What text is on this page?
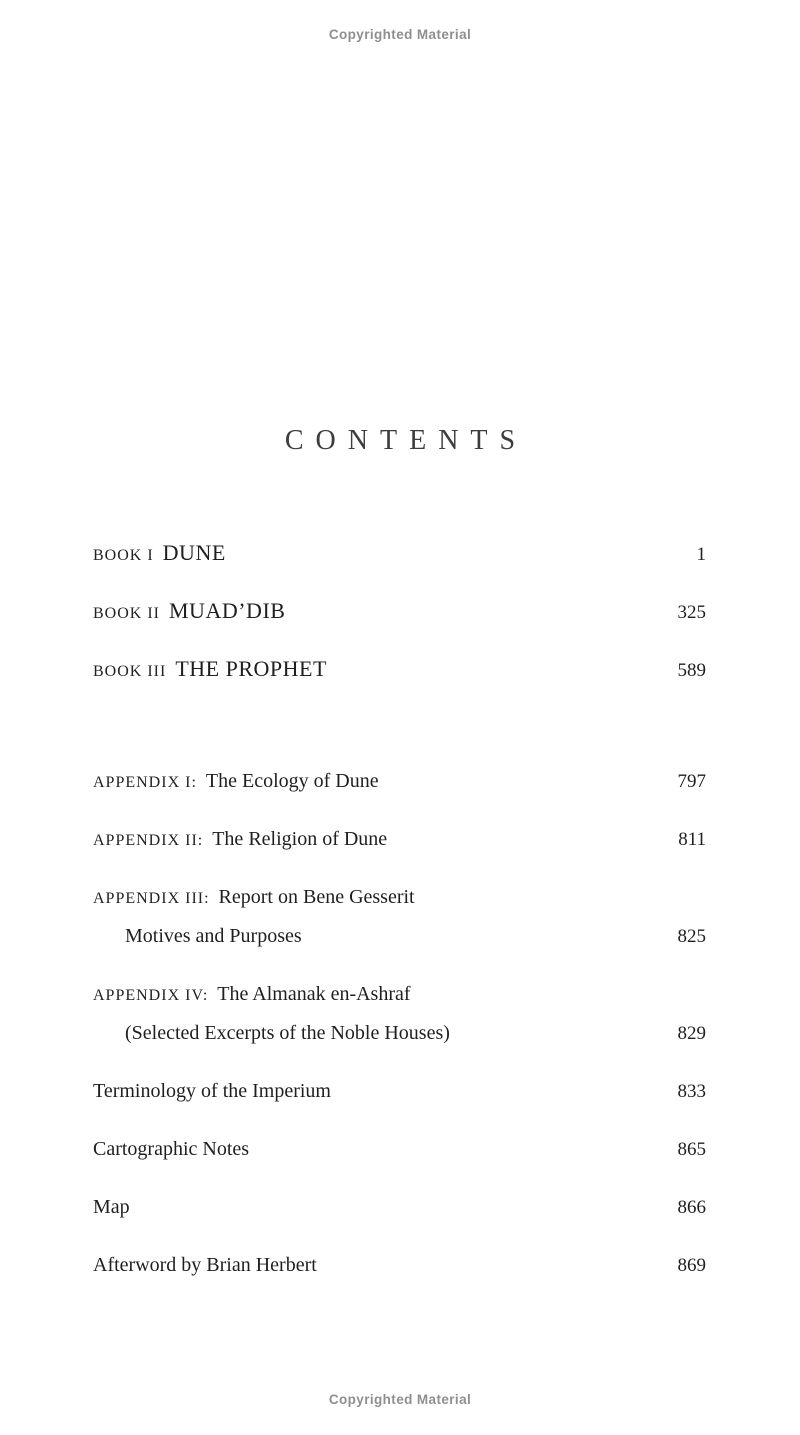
Copyrighted Material
CONTENTS
BOOK I DUNE	1
BOOK II MUAD’DIB	325
BOOK III THE PROPHET	589
APPENDIX I: The Ecology of Dune	797
APPENDIX II: The Religion of Dune	811
APPENDIX III: Report on Bene Gesserit
Motives and Purposes	825
APPENDIX IV: The Almanak en-Ashraf
(Selected Excerpts of the Noble Houses)	829
Terminology of the Imperium	833
Cartographic Notes	865
Map	866
Afterword by Brian Herbert	869
Copyrighted Material
